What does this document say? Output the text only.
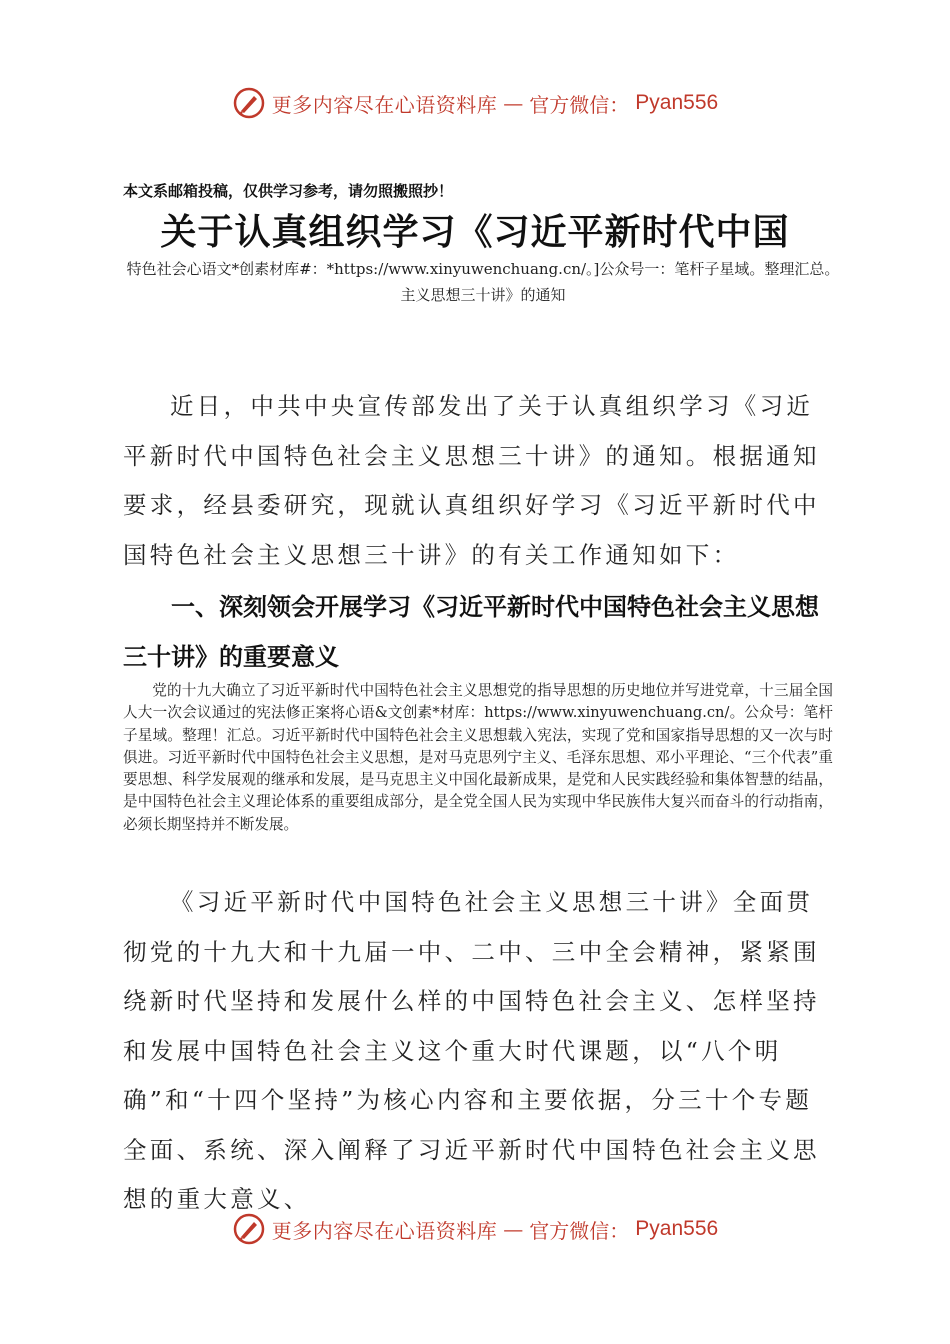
更多内容尽在心语资料库 — 官方微信： Pyan556
本文系邮箱投稿，仅供学习参考，请勿照搬照抄！
关于认真组织学习《习近平新时代中国
特色社会心语文*创素材库#：*https://www.xinyuwenchuang.cn/。]公众号一：笔杆子星域。整理汇总。主义思想三十讲》的通知

近日，中共中央宣传部发出了关于认真组织学习《习近平新时代中国特色社会主义思想三十讲》的通知。根据通知要求，经县委研究，现就认真组织好学习《习近平新时代中国特色社会主义思想三十讲》的有关工作通知如下：

一、深刻领会开展学习《习近平新时代中国特色社会主义思想三十讲》的重要意义

党的十九大确立了习近平新时代中国特色社会主义思想党的指导思想的历史地位并写进党章，十三届全国人大一次会议通过的宪法修正案将心语&文创素*材库：https://www.xinyuwenchuang.cn/。公众号：笔杆子星域。整理！汇总。习近平新时代中国特色社会主义思想载入宪法，实现了党和国家指导思想的又一次与时俱进。习近平新时代中国特色社会主义思想，是对马克思列宁主义、毛泽东思想、邓小平理论、“三个代表”重要思想、科学发展观的继承和发展，是马克思主义中国化最新成果，是党和人民实践经验和集体智慧的结晶，是中国特色社会主义理论体系的重要组成部分，是全党全国人民为实现中华民族伟大复兴而奋斗的行动指南，必须长期坚持并不断发展。

《习近平新时代中国特色社会主义思想三十讲》全面贯彻党的十九大和十九届一中、二中、三中全会精神，紧紧围绕新时代坚持和发展什么样的中国特色社会主义、怎样坚持和发展中国特色社会主义这个重大时代课题，以“八个明确”和“十四个坚持”为核心内容和主要依据，分三十个专题全面、系统、深入阐释了习近平新时代中国特色社会主义思想的重大意义、

更多内容尽在心语资料库 — 官方微信： Pyan556
